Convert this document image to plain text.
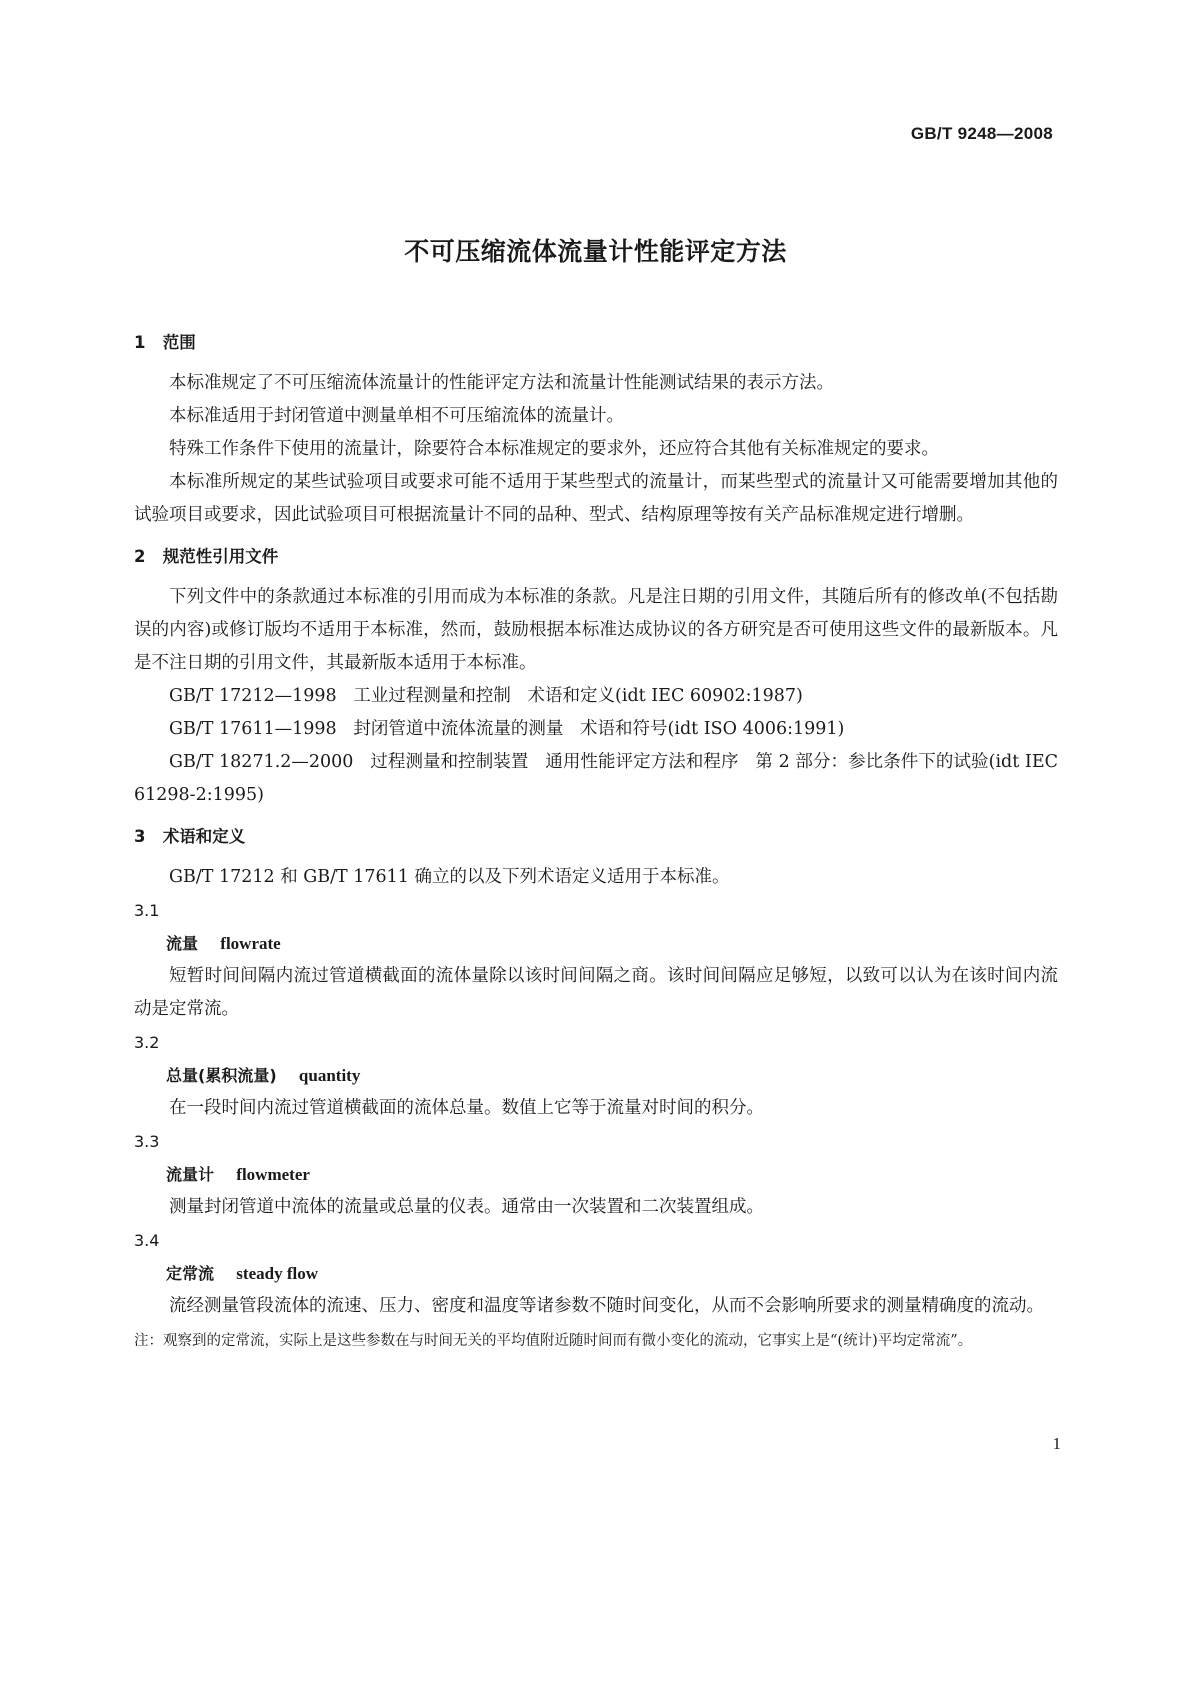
GB/T 9248—2008
不可压缩流体流量计性能评定方法

1   范围

本标准规定了不可压缩流体流量计的性能评定方法和流量计性能测试结果的表示方法。

本标准适用于封闭管道中测量单相不可压缩流体的流量计。

特殊工作条件下使用的流量计，除要符合本标准规定的要求外，还应符合其他有关标准规定的要求。

本标准所规定的某些试验项目或要求可能不适用于某些型式的流量计，而某些型式的流量计又可能需要增加其他的试验项目或要求，因此试验项目可根据流量计不同的品种、型式、结构原理等按有关产品标准规定进行增删。

2   规范性引用文件

下列文件中的条款通过本标准的引用而成为本标准的条款。凡是注日期的引用文件，其随后所有的修改单(不包括勘误的内容)或修订版均不适用于本标准，然而，鼓励根据本标准达成协议的各方研究是否可使用这些文件的最新版本。凡是不注日期的引用文件，其最新版本适用于本标准。

GB/T 17212—1998   工业过程测量和控制   术语和定义(idt IEC 60902:1987)

GB/T 17611—1998   封闭管道中流体流量的测量   术语和符号(idt ISO 4006:1991)

GB/T 18271.2—2000   过程测量和控制装置   通用性能评定方法和程序   第 2 部分：参比条件下的试验(idt IEC 61298-2:1995)

3   术语和定义

GB/T 17212 和 GB/T 17611 确立的以及下列术语定义适用于本标准。

3.1

流量 flowrate

短暂时间间隔内流过管道横截面的流体量除以该时间间隔之商。该时间间隔应足够短，以致可以认为在该时间内流动是定常流。

3.2

总量(累积流量) quantity

在一段时间内流过管道横截面的流体总量。数值上它等于流量对时间的积分。

3.3

流量计 flowmeter

测量封闭管道中流体的流量或总量的仪表。通常由一次装置和二次装置组成。

3.4

定常流 steady flow

流经测量管段流体的流速、压力、密度和温度等诸参数不随时间变化，从而不会影响所要求的测量精确度的流动。

注：观察到的定常流，实际上是这些参数在与时间无关的平均值附近随时间而有微小变化的流动，它事实上是“(统计)平均定常流”。

1
